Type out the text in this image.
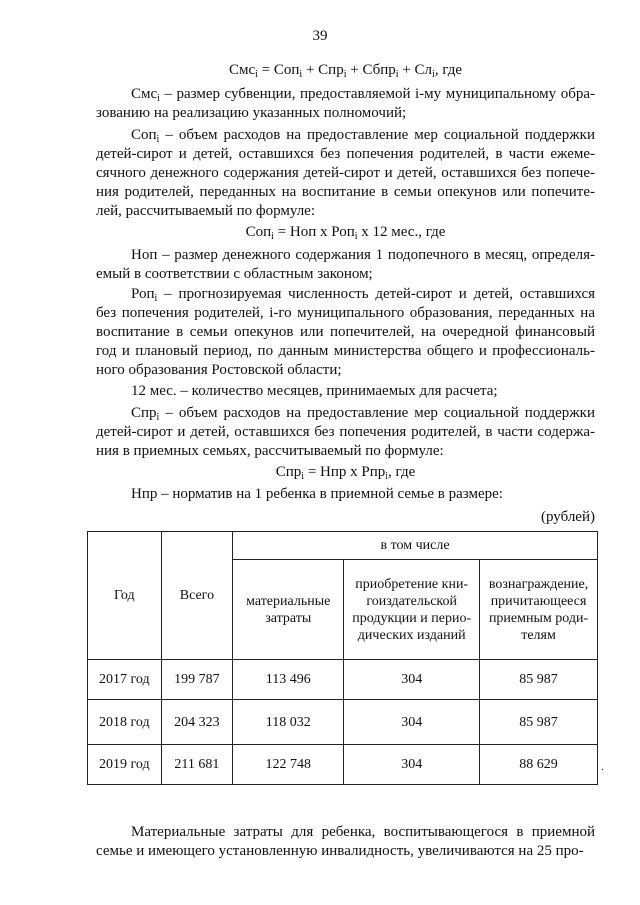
39
Смс$_i$ = Соп$_i$ + Спр$_i$ + Сбпр$_i$ + $Сл_i$, где
Смс$_i$ – размер субвенции, предоставляемой i-му муниципальному обра-зованию на реализацию указанных полномочий;
Соп$_i$ – объем расходов на предоставление мер социальной поддержки детей-сирот и детей, оставшихся без попечения родителей, в части ежеме-сячного денежного содержания детей-сирот и детей, оставшихся без попече-ния родителей, переданных на воспитание в семьи опекунов или попечите-лей, рассчитываемый по формуле:
Соп$_i$ = Ноп х Роп$_i$ х 12 мес., где
Ноп – размер денежного содержания 1 подопечного в месяц, определя-емый в соответствии с областным законом;
Роп$_i$ – прогнозируемая численность детей-сирот и детей, оставшихся без попечения родителей, i-го муниципального образования, переданных на воспитание в семьи опекунов или попечителей, на очередной финансовый год и плановый период, по данным министерства общего и профессиональ-ного образования Ростовской области;
12 мес. – количество месяцев, принимаемых для расчета;
Спр$_i$ – объем расходов на предоставление мер социальной поддержки детей-сирот и детей, оставшихся без попечения родителей, в части содержа-ния в приемных семьях, рассчитываемый по формуле:
Спр$_i$ = Нпр х Рпр$_i$, где
Нпр – норматив на 1 ребенка в приемной семье в размере:
(рублей)
Год	Всего	в том числе		
		материальные затраты	приобретение кни-гоиздательской продукции и перио-дических изданий	вознаграждение, причитающееся приемным роди-телям
2017 год	199 787	113 496	304	85 987
2018 год	204 323	118 032	304	85 987
2019 год	211 681	122 748	304	88 629	.
Материальные затраты для ребенка, воспитывающегося в приемной семье и имеющего установленную инвалидность, увеличиваются на 25 про-
